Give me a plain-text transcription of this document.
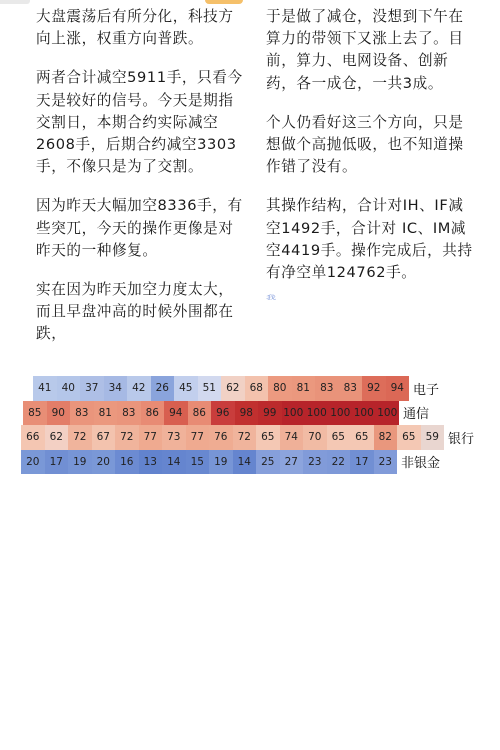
大盘震荡后有所分化，科技方向上涨，权重方向普跌。

两者合计减空5911手，只看今天是较好的信号。今天是期指交割日，本期合约实际减空2608手，后期合约减空3303手，不像只是为了交割。

因为昨天大幅加空8336手，有些突兀，今天的操作更像是对昨天的一种修复。

实在因为昨天加空力度太大，而且早盘冲高的时候外围都在跌，

于是做了减仓，没想到下午在算力的带领下又涨上去了。目前，算力、电网设备、创新药，各一成仓，一共3成。

个人仍看好这三个方向，只是想做个高抛低吸，也不知道操作错了没有。

其操作结构，合计对IH、IF减空1492手，合计对 IC、IM减空4419手。操作完成后，共持有净空单124762手。

我
41 40 37 34 42 26 45 51 62 68 80 81 83 83 92 94 电子
85 90 83 81 83 86 94 86 96 98 99 100 100 100 100 100 通信
66 62 72 67 72 77 73 77 76 72 65 74 70 65 65 82 65 59 银行
20 17 19 20 16 13 14 15 19 14 25 27 23 22 17 23 非银金
